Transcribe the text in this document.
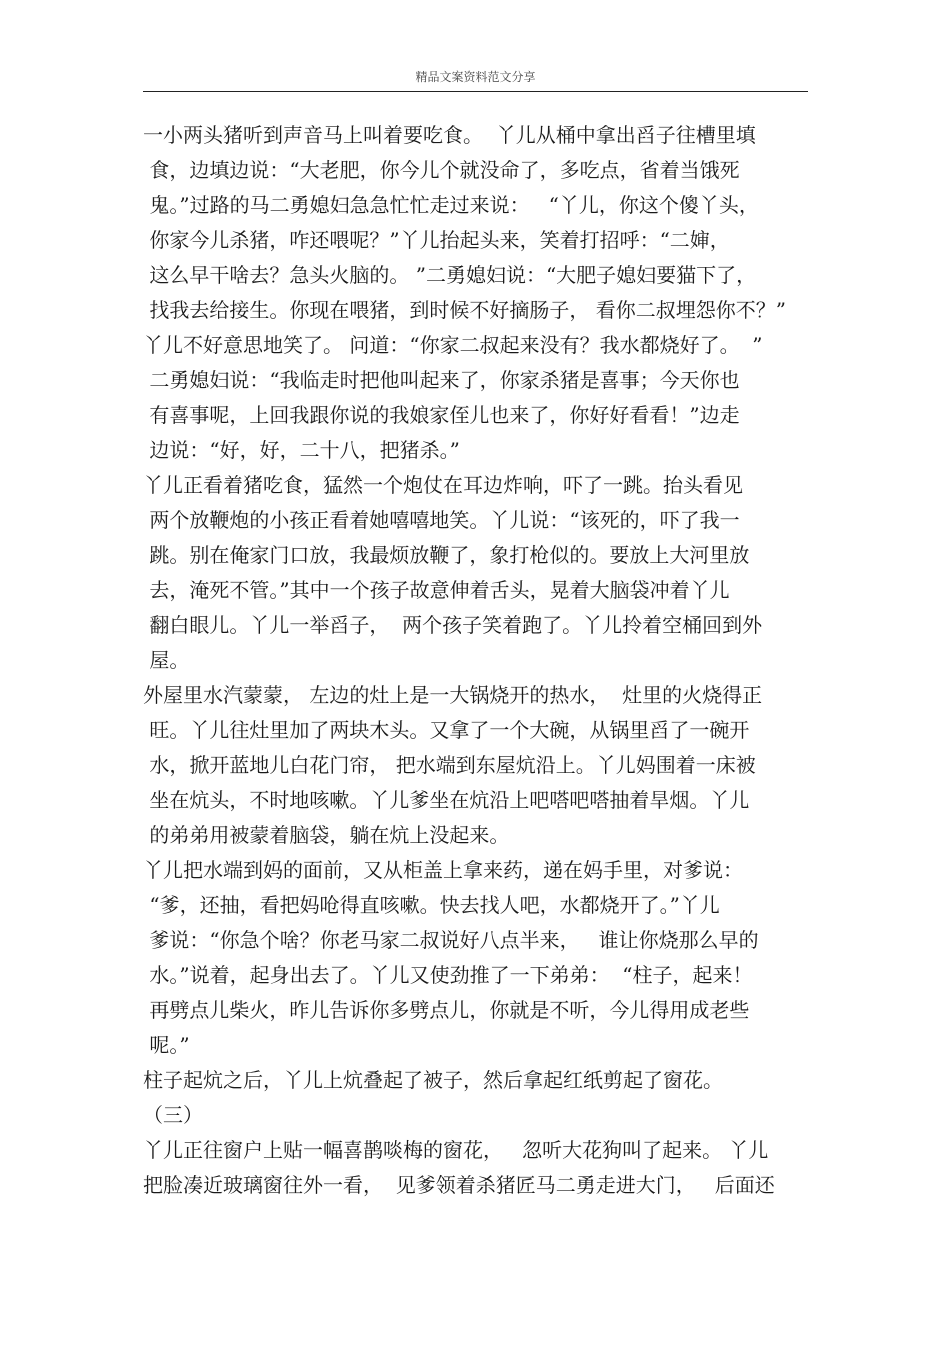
精品文案资料范文分享
一小两头猪听到声音马上叫着要吃食。  丫儿从桶中拿出舀子往槽里填
食，边填边说：“大老肥，你今儿个就没命了，多吃点，省着当饿死
鬼。”过路的马二勇媳妇急急忙忙走过来说：   “丫儿，你这个傻丫头，
你家今儿杀猪，咋还喂呢？”丫儿抬起头来，笑着打招呼：“二婶，
这么早干啥去？急头火脑的。 ”二勇媳妇说：“大肥子媳妇要猫下了，
找我去给接生。你现在喂猪，到时候不好摘肠子， 看你二叔埋怨你不？”
丫儿不好意思地笑了。 问道：“你家二叔起来没有？我水都烧好了。  ”
二勇媳妇说：“我临走时把他叫起来了，你家杀猪是喜事；今天你也
有喜事呢，上回我跟你说的我娘家侄儿也来了，你好好看看！”边走
边说：“好，好，二十八，把猪杀。”
丫儿正看着猪吃食，猛然一个炮仗在耳边炸响，吓了一跳。抬头看见
两个放鞭炮的小孩正看着她嘻嘻地笑。丫儿说：“该死的，吓了我一
跳。别在俺家门口放，我最烦放鞭了，象打枪似的。要放上大河里放
去，淹死不管。”其中一个孩子故意伸着舌头，晃着大脑袋冲着丫儿
翻白眼儿。丫儿一举舀子，  两个孩子笑着跑了。丫儿拎着空桶回到外
屋。
外屋里水汽蒙蒙， 左边的灶上是一大锅烧开的热水，  灶里的火烧得正
旺。丫儿往灶里加了两块木头。又拿了一个大碗，从锅里舀了一碗开
水，掀开蓝地儿白花门帘， 把水端到东屋炕沿上。丫儿妈围着一床被
坐在炕头，不时地咳嗽。丫儿爹坐在炕沿上吧嗒吧嗒抽着旱烟。丫儿
的弟弟用被蒙着脑袋，躺在炕上没起来。
丫儿把水端到妈的面前，又从柜盖上拿来药，递在妈手里，对爹说：
“爹，还抽，看把妈呛得直咳嗽。快去找人吧，水都烧开了。”丫儿
爹说：“你急个啥？你老马家二叔说好八点半来，   谁让你烧那么早的
水。”说着，起身出去了。丫儿又使劲推了一下弟弟：  “柱子，起来！
再劈点儿柴火，昨儿告诉你多劈点儿，你就是不听，今儿得用成老些
呢。”
柱子起炕之后，丫儿上炕叠起了被子，然后拿起红纸剪起了窗花。
（三）
丫儿正往窗户上贴一幅喜鹊啖梅的窗花，   忽听大花狗叫了起来。 丫儿
把脸凑近玻璃窗往外一看，  见爹领着杀猪匠马二勇走进大门，   后面还
